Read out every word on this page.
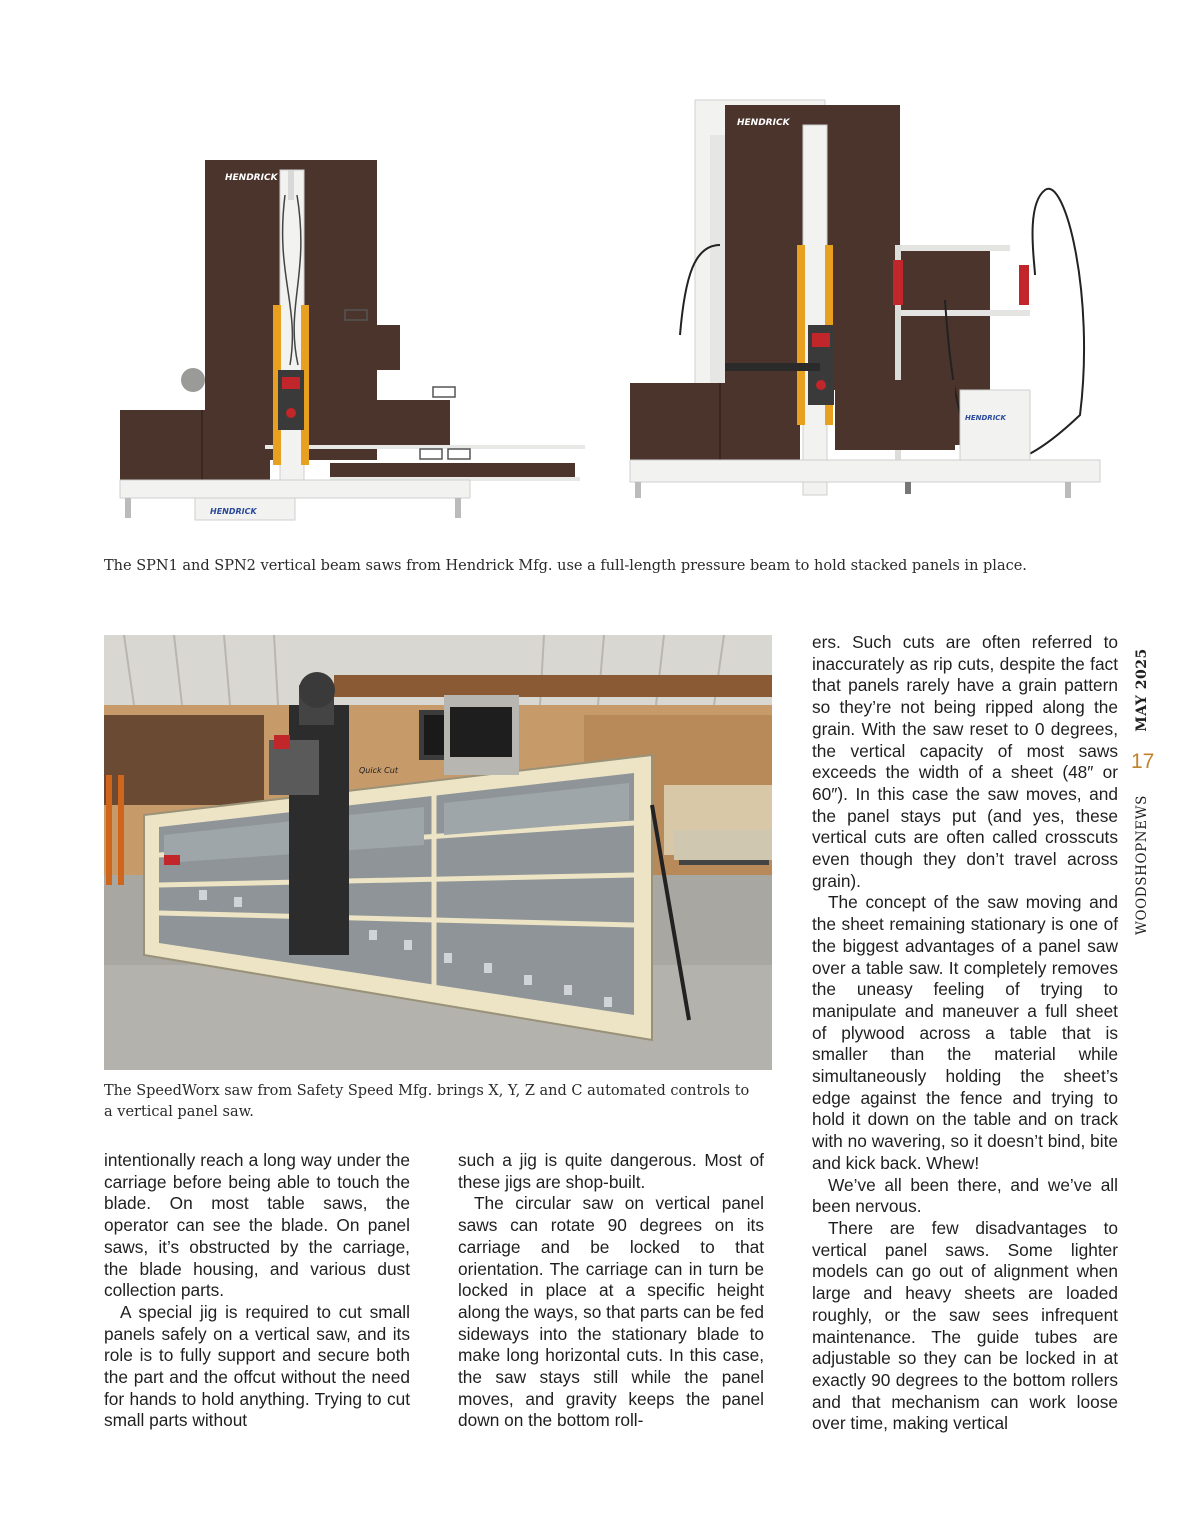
HENDRICK
HENDRICK
HENDRICK
HENDRICK
The SPN1 and SPN2 vertical beam saws from Hendrick Mfg. use a full-length pressure beam to hold stacked panels in place.
Quick Cut
The SpeedWorx saw from Safety Speed Mfg. brings X, Y, Z and C automated controls to a vertical panel saw.

intentionally reach a long way under the carriage before being able to touch the blade. On most table saws, the operator can see the blade. On panel saws, it’s obstructed by the carriage, the blade housing, and various dust collection parts.

A special jig is required to cut small panels safely on a vertical saw, and its role is to fully support and secure both the part and the offcut without the need for hands to hold anything. Trying to cut small parts without

such a jig is quite dangerous. Most of these jigs are shop-built.

The circular saw on vertical panel saws can rotate 90 degrees on its carriage and be locked to that orientation. The carriage can in turn be locked in place at a specific height along the ways, so that parts can be fed sideways into the stationary blade to make long horizontal cuts. In this case, the saw stays still while the panel moves, and gravity keeps the panel down on the bottom roll-

ers. Such cuts are often referred to inaccurately as rip cuts, despite the fact that panels rarely have a grain pattern so they’re not being ripped along the grain. With the saw reset to 0 degrees, the vertical capacity of most saws exceeds the width of a sheet (48″ or 60″). In this case the saw moves, and the panel stays put (and yes, these vertical cuts are often called crosscuts even though they don’t travel across grain).

The concept of the saw moving and the sheet remaining stationary is one of the biggest advantages of a panel saw over a table saw. It completely removes the uneasy feeling of trying to manipulate and maneuver a full sheet of plywood across a table that is smaller than the material while simultaneously holding the sheet’s edge against the fence and trying to hold it down on the table and on track with no wavering, so it doesn’t bind, bite and kick back. Whew!

We’ve all been there, and we’ve all been nervous.

There are few disadvantages to vertical panel saws. Some lighter models can go out of alignment when large and heavy sheets are loaded roughly, or the saw sees infrequent maintenance. The guide tubes are adjustable so they can be locked in at exactly 90 degrees to the bottom rollers and that mechanism can work loose over time, making vertical

MAY 2025
17
WOODSHOPNEWS
